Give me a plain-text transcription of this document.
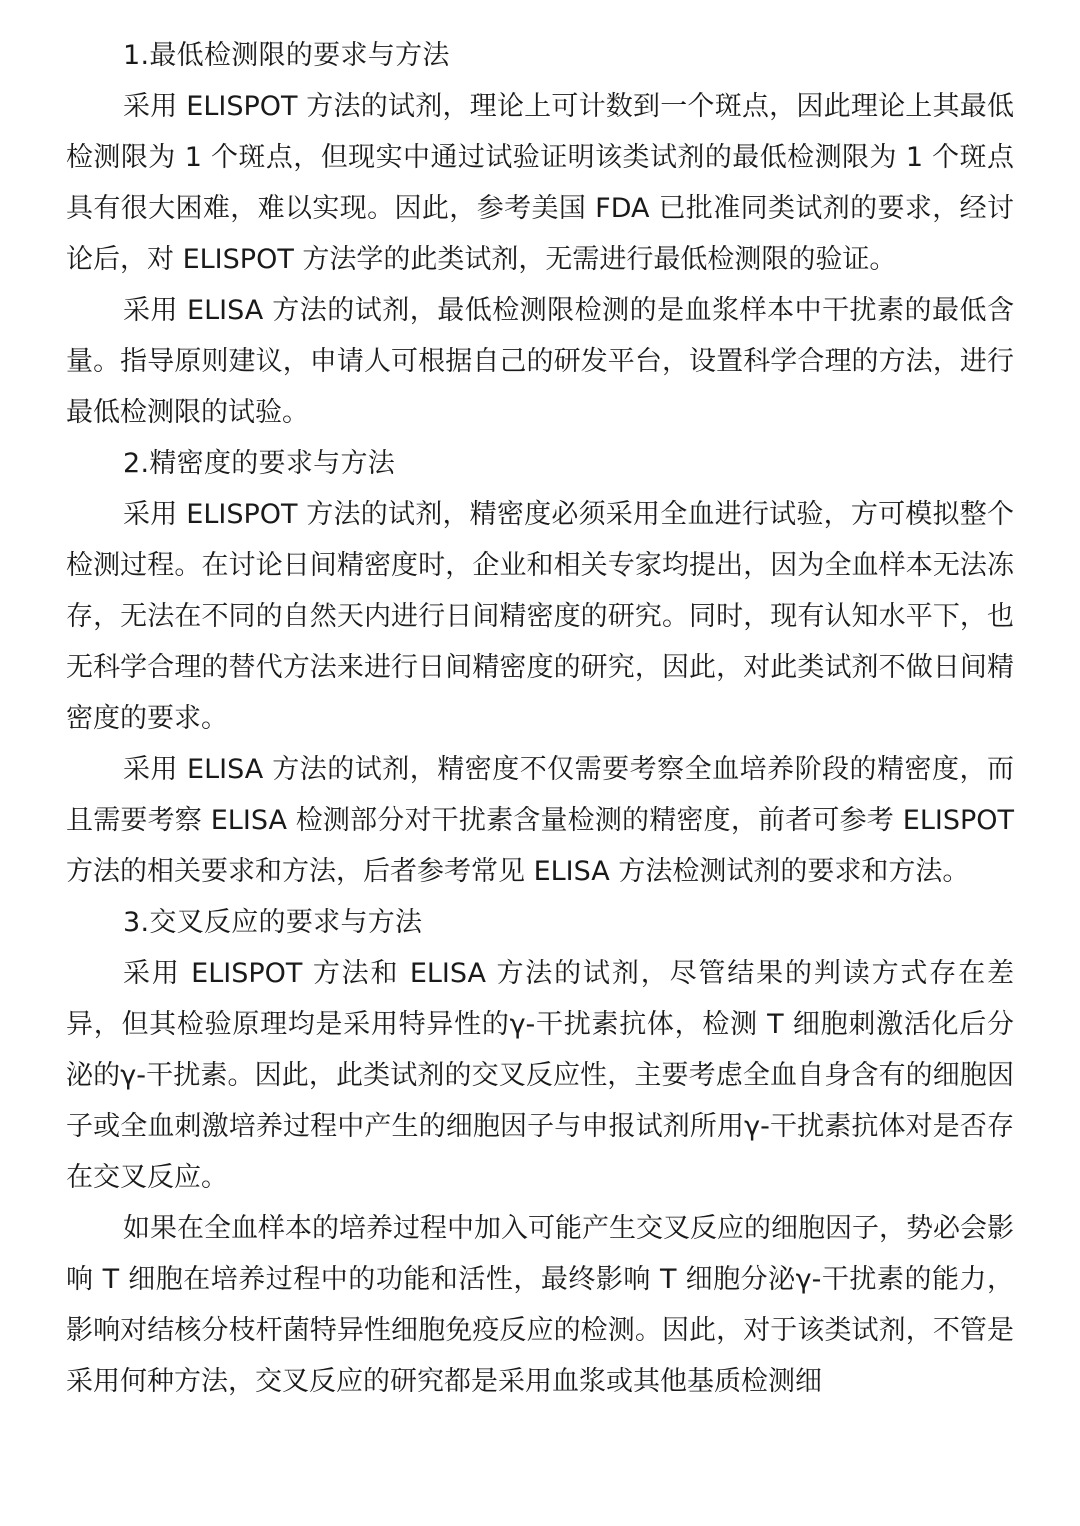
1.最低检测限的要求与方法

采用 ELISPOT 方法的试剂，理论上可计数到一个斑点，因此理论上其最低检测限为 1 个斑点，但现实中通过试验证明该类试剂的最低检测限为 1 个斑点具有很大困难，难以实现。因此，参考美国 FDA 已批准同类试剂的要求，经讨论后，对 ELISPOT 方法学的此类试剂，无需进行最低检测限的验证。

采用 ELISA 方法的试剂，最低检测限检测的是血浆样本中干扰素的最低含量。指导原则建议，申请人可根据自己的研发平台，设置科学合理的方法，进行最低检测限的试验。

2.精密度的要求与方法

采用 ELISPOT 方法的试剂，精密度必须采用全血进行试验，方可模拟整个检测过程。在讨论日间精密度时，企业和相关专家均提出，因为全血样本无法冻存，无法在不同的自然天内进行日间精密度的研究。同时，现有认知水平下，也无科学合理的替代方法来进行日间精密度的研究，因此，对此类试剂不做日间精密度的要求。

采用 ELISA 方法的试剂，精密度不仅需要考察全血培养阶段的精密度，而且需要考察 ELISA 检测部分对干扰素含量检测的精密度，前者可参考 ELISPOT 方法的相关要求和方法，后者参考常见 ELISA 方法检测试剂的要求和方法。

3.交叉反应的要求与方法

采用 ELISPOT 方法和 ELISA 方法的试剂，尽管结果的判读方式存在差异，但其检验原理均是采用特异性的γ-干扰素抗体，检测 T 细胞刺激活化后分泌的γ-干扰素。因此，此类试剂的交叉反应性，主要考虑全血自身含有的细胞因子或全血刺激培养过程中产生的细胞因子与申报试剂所用γ-干扰素抗体对是否存在交叉反应。

如果在全血样本的培养过程中加入可能产生交叉反应的细胞因子，势必会影响 T 细胞在培养过程中的功能和活性，最终影响 T 细胞分泌γ-干扰素的能力，影响对结核分枝杆菌特异性细胞免疫反应的检测。因此，对于该类试剂，不管是采用何种方法，交叉反应的研究都是采用血浆或其他基质检测细
